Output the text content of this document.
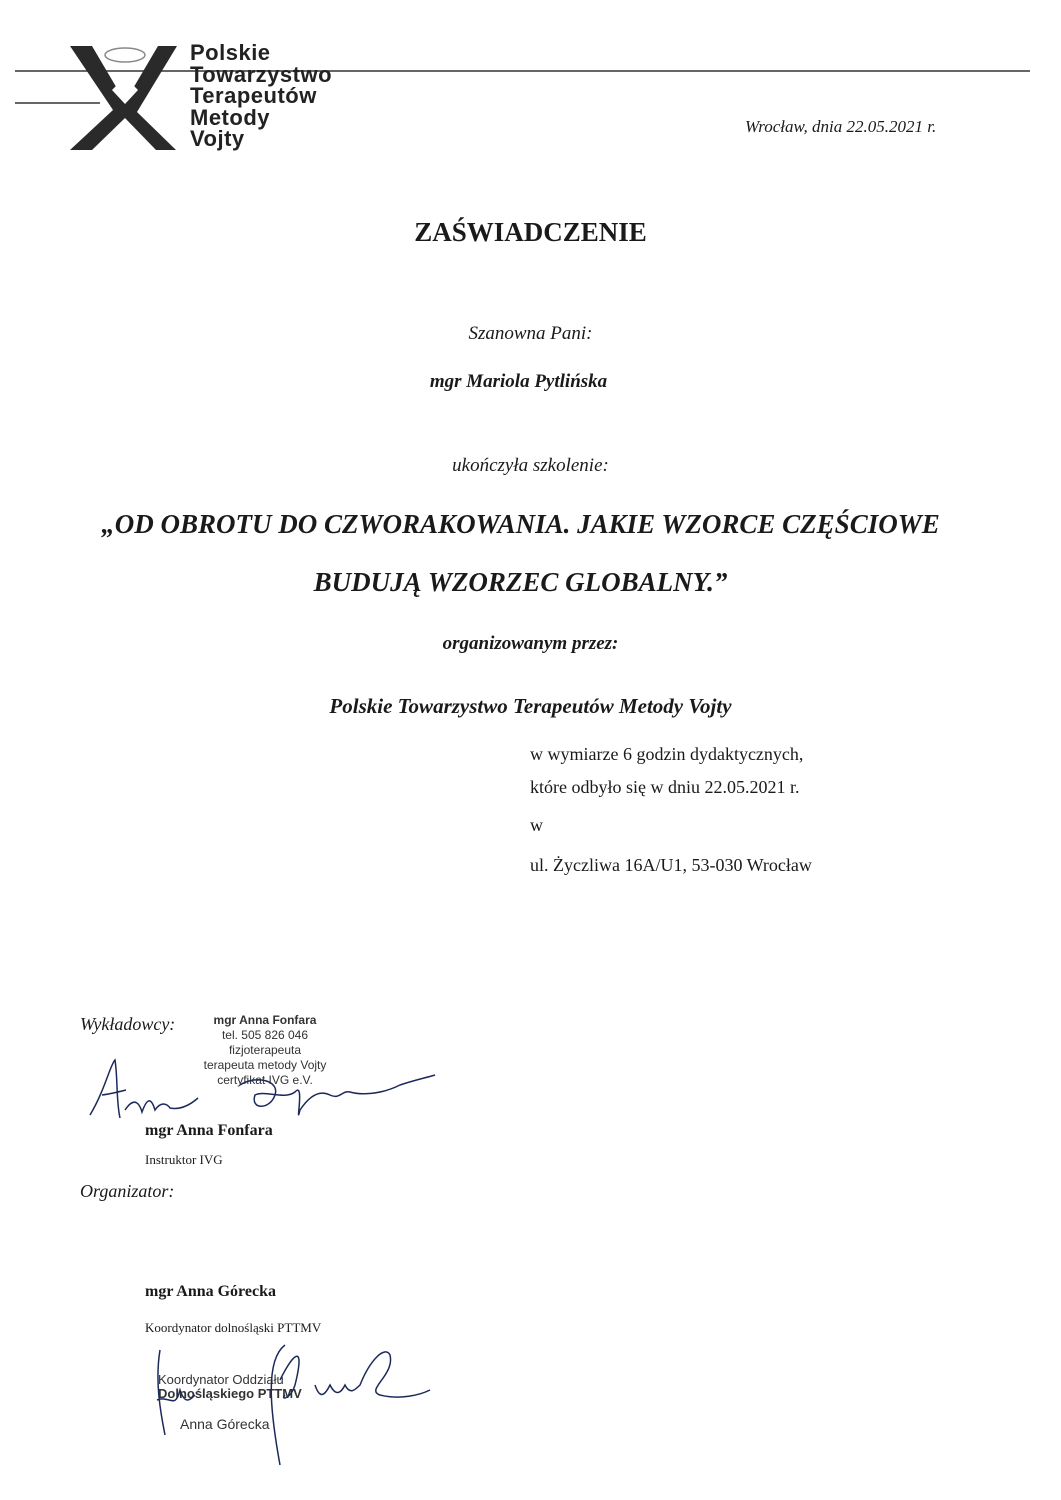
Polskie
Towarzystwo
Terapeutów
Metody
Vojty	Wrocław, dnia 22.05.2021 r.
ZAŚWIADCZENIE
Szanowna Pani:
mgr Mariola Pytlińska
ukończyła szkolenie:
„OD OBROTU DO CZWORAKOWANIA. JAKIE WZORCE CZĘŚCIOWE
BUDUJĄ WZORZEC GLOBALNY.”
organizowanym przez:
Polskie Towarzystwo Terapeutów Metody Vojty
w wymiarze 6 godzin dydaktycznych,
które odbyło się w dniu 22.05.2021 r.
w
ul. Życzliwa 16A/U1, 53-030 Wrocław
Wykładowcy:	mgr Anna Fonfara
tel. 505 826 046
fizjoterapeuta
terapeuta metody Vojty
certyfikat IVG e.V.
mgr Anna Fonfara
Instruktor IVG
Organizator:
mgr Anna Górecka
Koordynator dolnośląski PTTMV
Koordynator Oddziału
Dolnośląskiego PTTMV
Anna Górecka
